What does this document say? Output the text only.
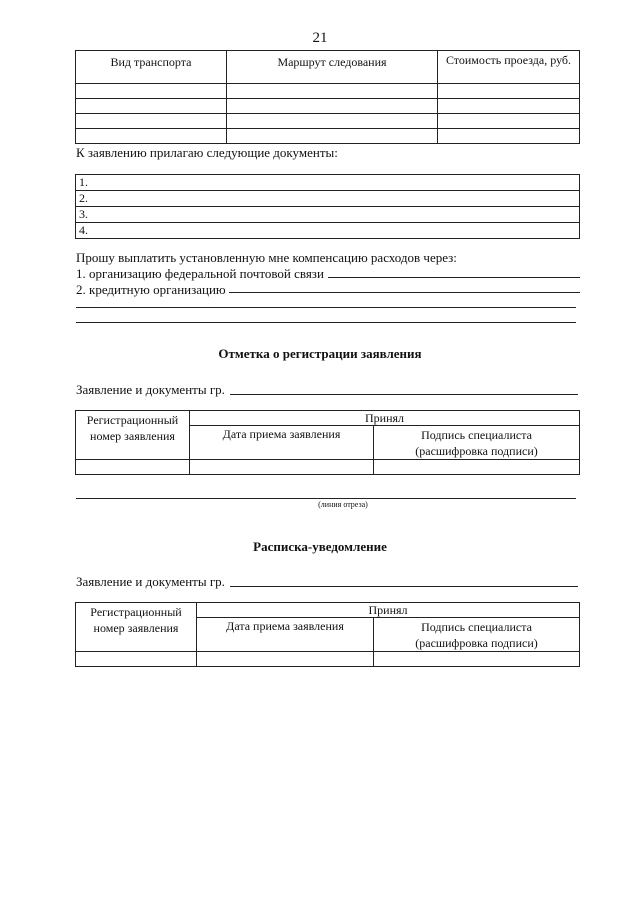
21
Вид транспорта	Маршрут следования	Стоимость проезда, руб.

К заявлению прилагаю следующие документы:
1.
2.
3.
4.
Прошу выплатить установленную мне компенсацию расходов через:
1. организацию федеральной почтовой связи
2. кредитную организацию
Отметка о регистрации заявления
Заявление и документы гр.
Регистрационный номер заявления	Принял	
	Дата приема заявления	Подпись специалиста (расшифровка подписи)

(линия отреза)
Расписка-уведомление
Заявление и документы гр.
Регистрационный номер заявления	Принял	
	Дата приема заявления	Подпись специалиста (расшифровка подписи)
